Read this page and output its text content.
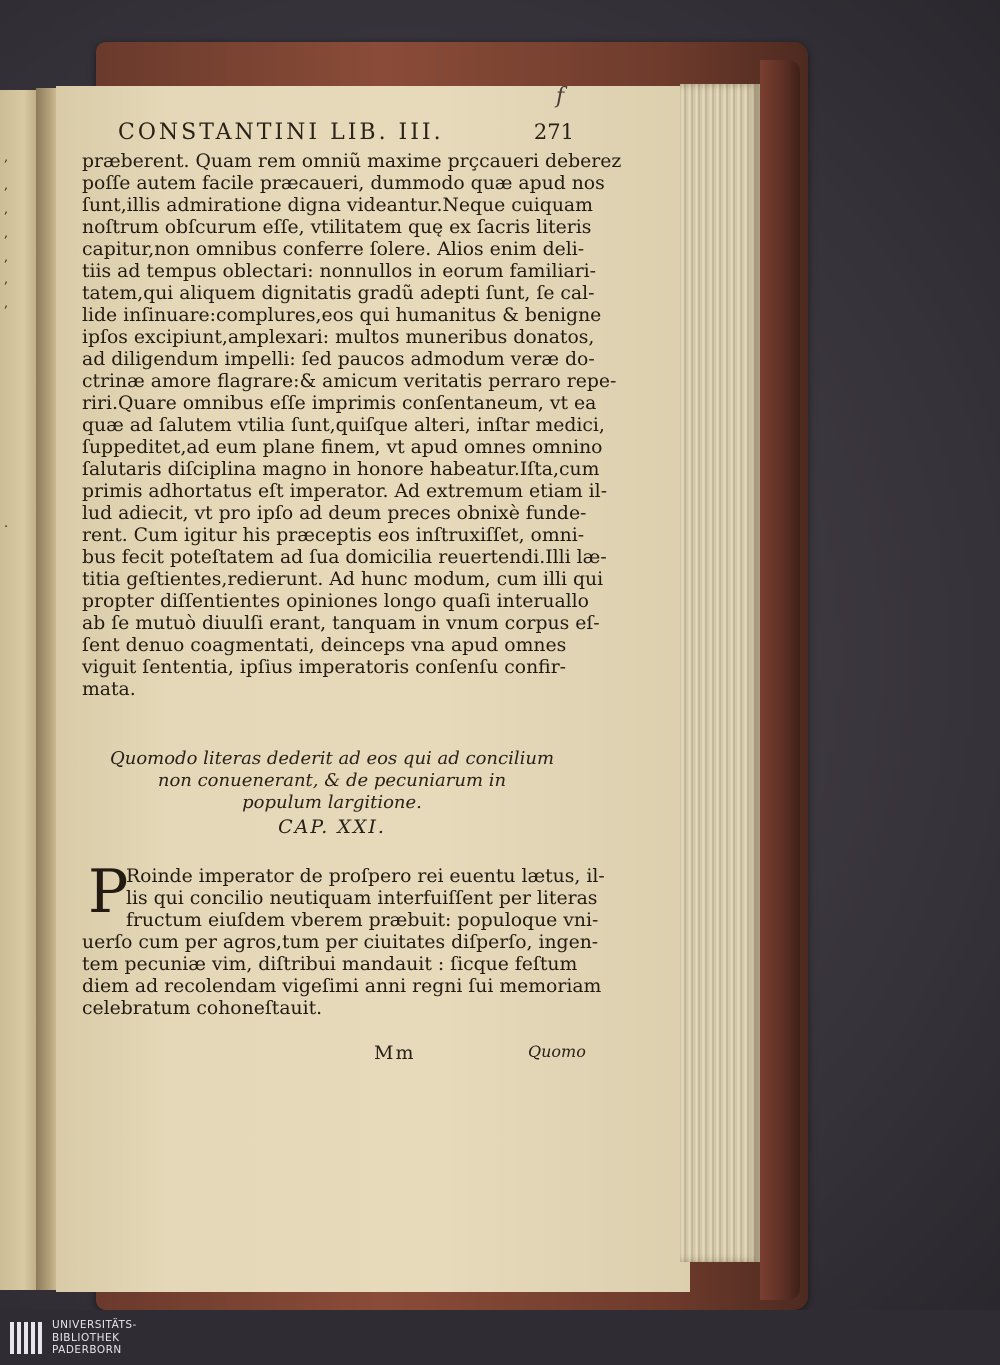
,
,
,
,
,
,
,
.
CONSTANTINI LIB. III.	271
f
præberent. Quam rem omniũ maxime prçcaueri deberez
poſſe autem facile præcaueri, dummodo quæ apud nos
ſunt,illis admiratione digna videantur.Neque cuiquam
noſtrum obſcurum eſſe, vtilitatem quę ex ſacris literis
capitur,non omnibus conferre ſolere. Alios enim deli-
tiis ad tempus oblectari: nonnullos in eorum familiari-
tatem,qui aliquem dignitatis gradũ adepti ſunt, ſe cal-
lide inſinuare:complures,eos qui humanitus & benigne
ipſos excipiunt,amplexari: multos muneribus donatos,
ad diligendum impelli: ſed paucos admodum veræ do-
ctrinæ amore flagrare:& amicum veritatis perraro repe-
riri.Quare omnibus eſſe imprimis conſentaneum, vt ea
quæ ad ſalutem vtilia ſunt,quiſque alteri, inſtar medici,
ſuppeditet,ad eum plane finem, vt apud omnes omnino
ſalutaris diſciplina magno in honore habeatur.Iſta,cum
primis adhortatus eſt imperator. Ad extremum etiam il-
lud adiecit, vt pro ipſo ad deum preces obnixè funde-
rent. Cum igitur his præceptis eos inſtruxiſſet, omni-
bus fecit poteſtatem ad ſua domicilia reuertendi.Illi læ-
titia geſtientes,redierunt. Ad hunc modum, cum illi qui
propter diſſentientes opiniones longo quaſi interuallo
ab ſe mutuò diuulſi erant, tanquam in vnum corpus eſ-
ſent denuo coagmentati, deinceps vna apud omnes
viguit ſententia, ipſius imperatoris conſenſu confir-
mata.
Quomodo literas dederit ad eos qui ad concilium
non conuenerant, & de pecuniarum in
populum largitione.
CAP. XXI.
P
Roinde imperator de proſpero rei euentu lætus, il-
lis qui concilio neutiquam interfuiſſent per literas
fructum eiuſdem vberem præbuit: populoque vni-
uerſo cum per agros,tum per ciuitates diſperſo, ingen-
tem pecuniæ vim, diſtribui mandauit : ſicque feſtum
diem ad recolendam vigeſimi anni regni ſui memoriam
celebratum cohoneſtauit.
Mm	Quomo
UNIVERSITÄTS-
BIBLIOTHEK
PADERBORN
